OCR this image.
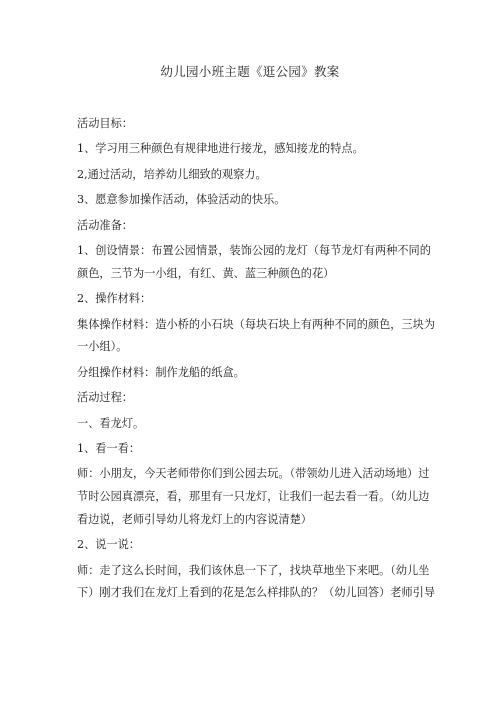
幼儿园小班主题《逛公园》教案

活动目标：

1、学习用三种颜色有规律地进行接龙，感知接龙的特点。

2,通过活动，培养幼儿细致的观察力。

3、愿意参加操作活动，体验活动的快乐。

活动准备：

1、创设情景：布置公园情景，装饰公园的龙灯（每节龙灯有两种不同的颜色，三节为一小组，有红、黄、蓝三种颜色的花）

2、操作材料：

集体操作材料：造小桥的小石块（每块石块上有两种不同的颜色，三块为一小组）。

分组操作材料：制作龙船的纸盒。

活动过程：

一、看龙灯。

1、看一看：

师：小朋友，今天老师带你们到公园去玩。（带领幼儿进入活动场地）过节时公园真漂亮，看，那里有一只龙灯，让我们一起去看一看。（幼儿边看边说，老师引导幼儿将龙灯上的内容说清楚）

2、说一说：

师：走了这么长时间，我们该休息一下了，找块草地坐下来吧。（幼儿坐下）刚才我们在龙灯上看到的花是怎么样排队的？（幼儿回答）老师引导
